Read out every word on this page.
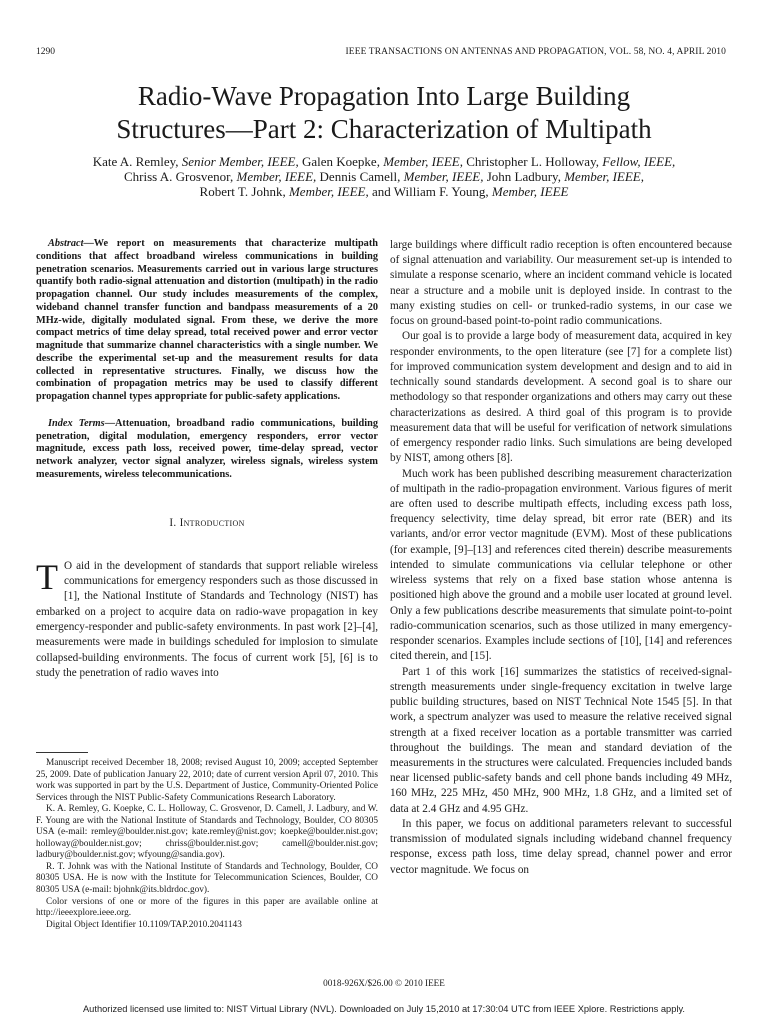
1290	IEEE TRANSACTIONS ON ANTENNAS AND PROPAGATION, VOL. 58, NO. 4, APRIL 2010
Radio-Wave Propagation Into Large Building
Structures—Part 2: Characterization of Multipath
Kate A. Remley, Senior Member, IEEE, Galen Koepke, Member, IEEE, Christopher L. Holloway, Fellow, IEEE,
Chriss A. Grosvenor, Member, IEEE, Dennis Camell, Member, IEEE, John Ladbury, Member, IEEE,
Robert T. Johnk, Member, IEEE, and William F. Young, Member, IEEE

Abstract—We report on measurements that characterize multipath conditions that affect broadband wireless communications in building penetration scenarios. Measurements carried out in various large structures quantify both radio-signal attenuation and distortion (multipath) in the radio propagation channel. Our study includes measurements of the complex, wideband channel transfer function and bandpass measurements of a 20 MHz-wide, digitally modulated signal. From these, we derive the more compact metrics of time delay spread, total received power and error vector magnitude that summarize channel characteristics with a single number. We describe the experimental set-up and the measurement results for data collected in representative structures. Finally, we discuss how the combination of propagation metrics may be used to classify different propagation channel types appropriate for public-safety applications.

Index Terms—Attenuation, broadband radio communications, building penetration, digital modulation, emergency responders, error vector magnitude, excess path loss, received power, time-delay spread, vector network analyzer, vector signal analyzer, wireless signals, wireless system measurements, wireless telecommunications.

I. Introduction

T O aid in the development of standards that support reliable wireless communications for emergency responders such as those discussed in [1], the National Institute of Standards and Technology (NIST) has embarked on a project to acquire data on radio-wave propagation in key emergency-responder and public-safety environments. In past work [2]–[4], measurements were made in buildings scheduled for implosion to simulate collapsed-building environments. The focus of current work [5], [6] is to study the penetration of radio waves into

Manuscript received December 18, 2008; revised August 10, 2009; accepted September 25, 2009. Date of publication January 22, 2010; date of current version April 07, 2010. This work was supported in part by the U.S. Department of Justice, Community-Oriented Police Services through the NIST Public-Safety Communications Research Laboratory.

K. A. Remley, G. Koepke, C. L. Holloway, C. Grosvenor, D. Camell, J. Ladbury, and W. F. Young are with the National Institute of Standards and Technology, Boulder, CO 80305 USA (e-mail: remley@boulder.nist.gov; kate.remley@nist.gov; koepke@boulder.nist.gov; holloway@boulder.nist.gov; chriss@boulder.nist.gov; camell@boulder.nist.gov; ladbury@boulder.nist.gov; wfyoung@sandia.gov).

R. T. Johnk was with the National Institute of Standards and Technology, Boulder, CO 80305 USA. He is now with the Institute for Telecommunication Sciences, Boulder, CO 80305 USA (e-mail: bjohnk@its.bldrdoc.gov).

Color versions of one or more of the figures in this paper are available online at http://ieeexplore.ieee.org.

Digital Object Identifier 10.1109/TAP.2010.2041143

large buildings where difficult radio reception is often encountered because of signal attenuation and variability. Our measurement set-up is intended to simulate a response scenario, where an incident command vehicle is located near a structure and a mobile unit is deployed inside. In contrast to the many existing studies on cell- or trunked-radio systems, in our case we focus on ground-based point-to-point radio communications.

Our goal is to provide a large body of measurement data, acquired in key responder environments, to the open literature (see [7] for a complete list) for improved communication system development and design and to aid in technically sound standards development. A second goal is to share our methodology so that responder organizations and others may carry out these characterizations as desired. A third goal of this program is to provide measurement data that will be useful for verification of network simulations of emergency responder radio links. Such simulations are being developed by NIST, among others [8].

Much work has been published describing measurement characterization of multipath in the radio-propagation environment. Various figures of merit are often used to describe multipath effects, including excess path loss, frequency selectivity, time delay spread, bit error rate (BER) and its variants, and/or error vector magnitude (EVM). Most of these publications (for example, [9]–[13] and references cited therein) describe measurements intended to simulate communications via cellular telephone or other wireless systems that rely on a fixed base station whose antenna is positioned high above the ground and a mobile user located at ground level. Only a few publications describe measurements that simulate point-to-point radio-communication scenarios, such as those utilized in many emergency-responder scenarios. Examples include sections of [10], [14] and references cited therein, and [15].

Part 1 of this work [16] summarizes the statistics of received-signal-strength measurements under single-frequency excitation in twelve large public building structures, based on NIST Technical Note 1545 [5]. In that work, a spectrum analyzer was used to measure the relative received signal strength at a fixed receiver location as a portable transmitter was carried throughout the buildings. The mean and standard deviation of the measurements in the structures were calculated. Frequencies included bands near licensed public-safety bands and cell phone bands including 49 MHz, 160 MHz, 225 MHz, 450 MHz, 900 MHz, 1.8 GHz, and a limited set of data at 2.4 GHz and 4.95 GHz.

In this paper, we focus on additional parameters relevant to successful transmission of modulated signals including wideband channel frequency response, excess path loss, time delay spread, channel power and error vector magnitude. We focus on

0018-926X/$26.00 © 2010 IEEE
Authorized licensed use limited to: NIST Virtual Library (NVL). Downloaded on July 15,2010 at 17:30:04 UTC from IEEE Xplore. Restrictions apply.
